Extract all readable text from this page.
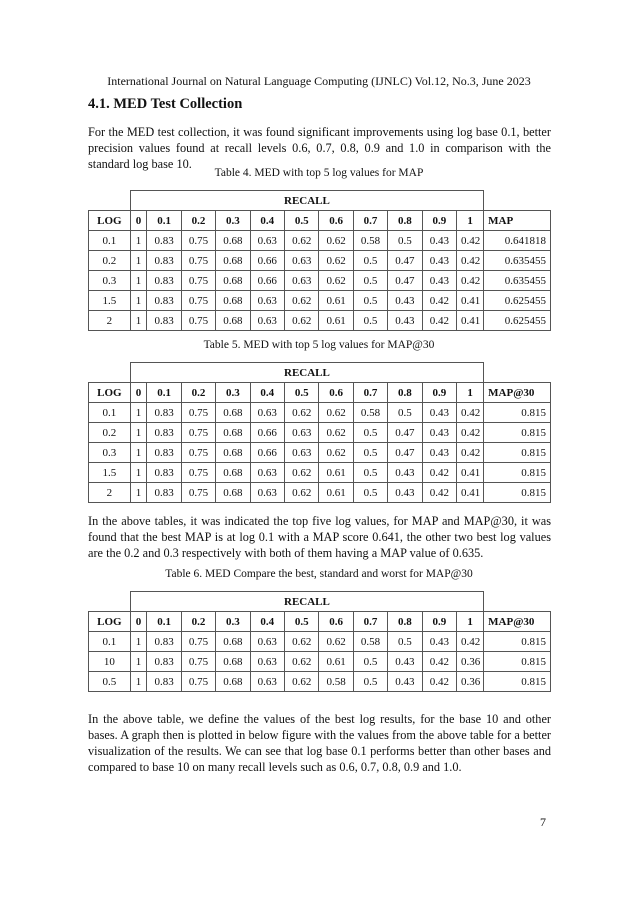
International Journal on Natural Language Computing (IJNLC) Vol.12, No.3, June 2023
4.1. MED Test Collection
For the MED test collection, it was found significant improvements using log base 0.1, better precision values found at recall levels 0.6, 0.7, 0.8, 0.9 and 1.0 in comparison with the standard log base 10.
Table 4. MED with top 5 log values for MAP
	RECALL											
LOG	0	0.1	0.2	0.3	0.4	0.5	0.6	0.7	0.8	0.9	1	MAP
0.1	1	0.83	0.75	0.68	0.63	0.62	0.62	0.58	0.5	0.43	0.42	0.641818
0.2	1	0.83	0.75	0.68	0.66	0.63	0.62	0.5	0.47	0.43	0.42	0.635455
0.3	1	0.83	0.75	0.68	0.66	0.63	0.62	0.5	0.47	0.43	0.42	0.635455
1.5	1	0.83	0.75	0.68	0.63	0.62	0.61	0.5	0.43	0.42	0.41	0.625455
2	1	0.83	0.75	0.68	0.63	0.62	0.61	0.5	0.43	0.42	0.41	0.625455
Table 5. MED with top 5 log values for MAP@30
	RECALL											
LOG	0	0.1	0.2	0.3	0.4	0.5	0.6	0.7	0.8	0.9	1	MAP@30
0.1	1	0.83	0.75	0.68	0.63	0.62	0.62	0.58	0.5	0.43	0.42	0.815
0.2	1	0.83	0.75	0.68	0.66	0.63	0.62	0.5	0.47	0.43	0.42	0.815
0.3	1	0.83	0.75	0.68	0.66	0.63	0.62	0.5	0.47	0.43	0.42	0.815
1.5	1	0.83	0.75	0.68	0.63	0.62	0.61	0.5	0.43	0.42	0.41	0.815
2	1	0.83	0.75	0.68	0.63	0.62	0.61	0.5	0.43	0.42	0.41	0.815
In the above tables, it was indicated the top five log values, for MAP and MAP@30, it was found that the best MAP is at log 0.1 with a MAP score 0.641, the other two best log values are the 0.2 and 0.3 respectively with both of them having a MAP value of 0.635.
Table 6. MED Compare the best, standard and worst for MAP@30
	RECALL											
LOG	0	0.1	0.2	0.3	0.4	0.5	0.6	0.7	0.8	0.9	1	MAP@30
0.1	1	0.83	0.75	0.68	0.63	0.62	0.62	0.58	0.5	0.43	0.42	0.815
10	1	0.83	0.75	0.68	0.63	0.62	0.61	0.5	0.43	0.42	0.36	0.815
0.5	1	0.83	0.75	0.68	0.63	0.62	0.58	0.5	0.43	0.42	0.36	0.815
In the above table, we define the values of the best log results, for the base 10 and other bases. A graph then is plotted in below figure with the values from the above table for a better visualization of the results. We can see that log base 0.1 performs better than other bases and compared to base 10 on many recall levels such as 0.6, 0.7, 0.8, 0.9 and 1.0.
7
